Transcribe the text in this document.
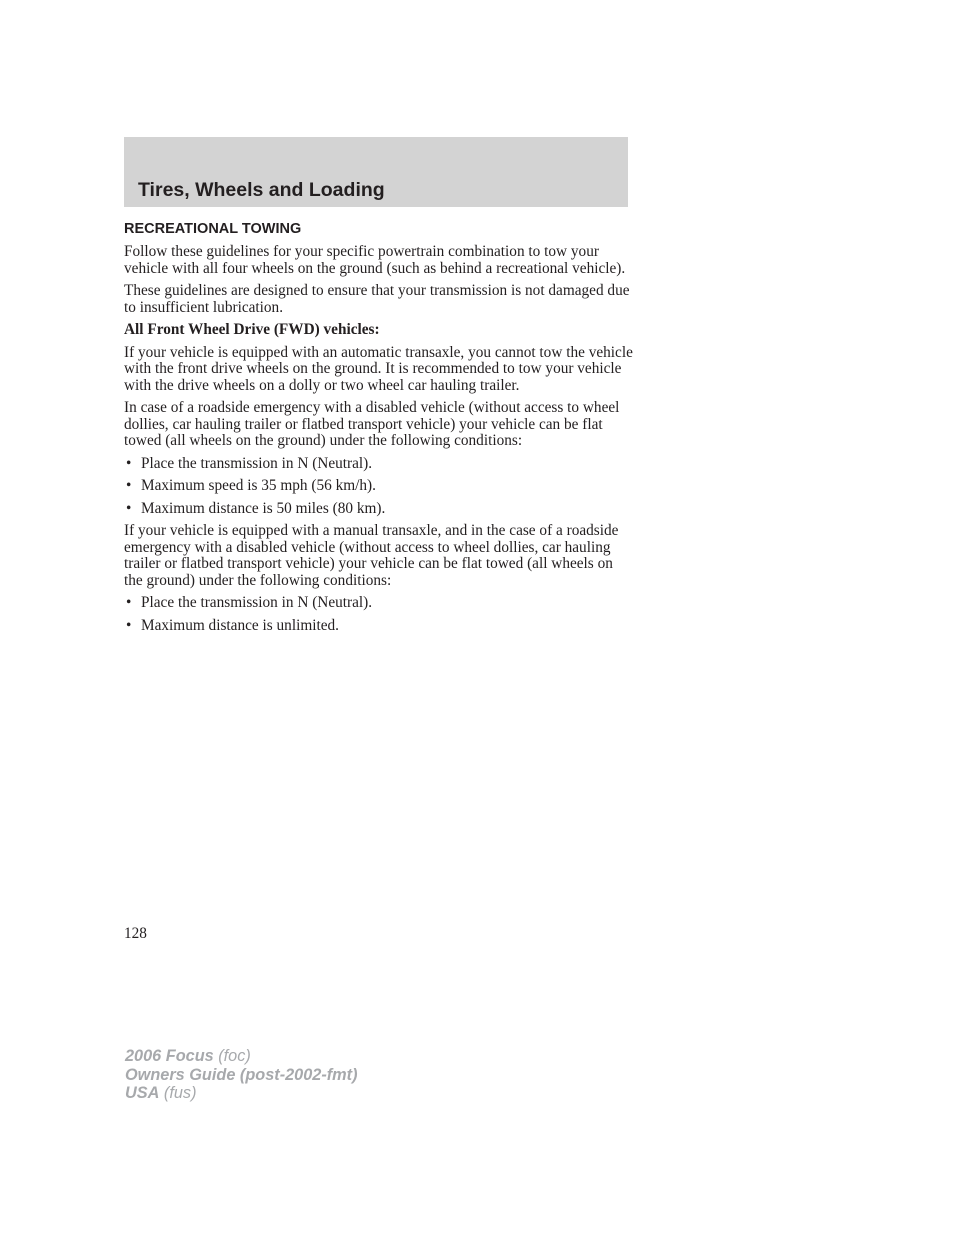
Tires, Wheels and Loading
RECREATIONAL TOWING

Follow these guidelines for your specific powertrain combination to tow your vehicle with all four wheels on the ground (such as behind a recreational vehicle).

These guidelines are designed to ensure that your transmission is not damaged due to insufficient lubrication.

All Front Wheel Drive (FWD) vehicles:

If your vehicle is equipped with an automatic transaxle, you cannot tow the vehicle with the front drive wheels on the ground. It is recommended to tow your vehicle with the drive wheels on a dolly or two wheel car hauling trailer.

In case of a roadside emergency with a disabled vehicle (without access to wheel dollies, car hauling trailer or flatbed transport vehicle) your vehicle can be flat towed (all wheels on the ground) under the following conditions:

• Place the transmission in N (Neutral).
• Maximum speed is 35 mph (56 km/h).
• Maximum distance is 50 miles (80 km).

If your vehicle is equipped with a manual transaxle, and in the case of a roadside emergency with a disabled vehicle (without access to wheel dollies, car hauling trailer or flatbed transport vehicle) your vehicle can be flat towed (all wheels on the ground) under the following conditions:

• Place the transmission in N (Neutral).
• Maximum distance is unlimited.
128
2006 Focus (foc)
Owners Guide (post-2002-fmt)
USA (fus)
